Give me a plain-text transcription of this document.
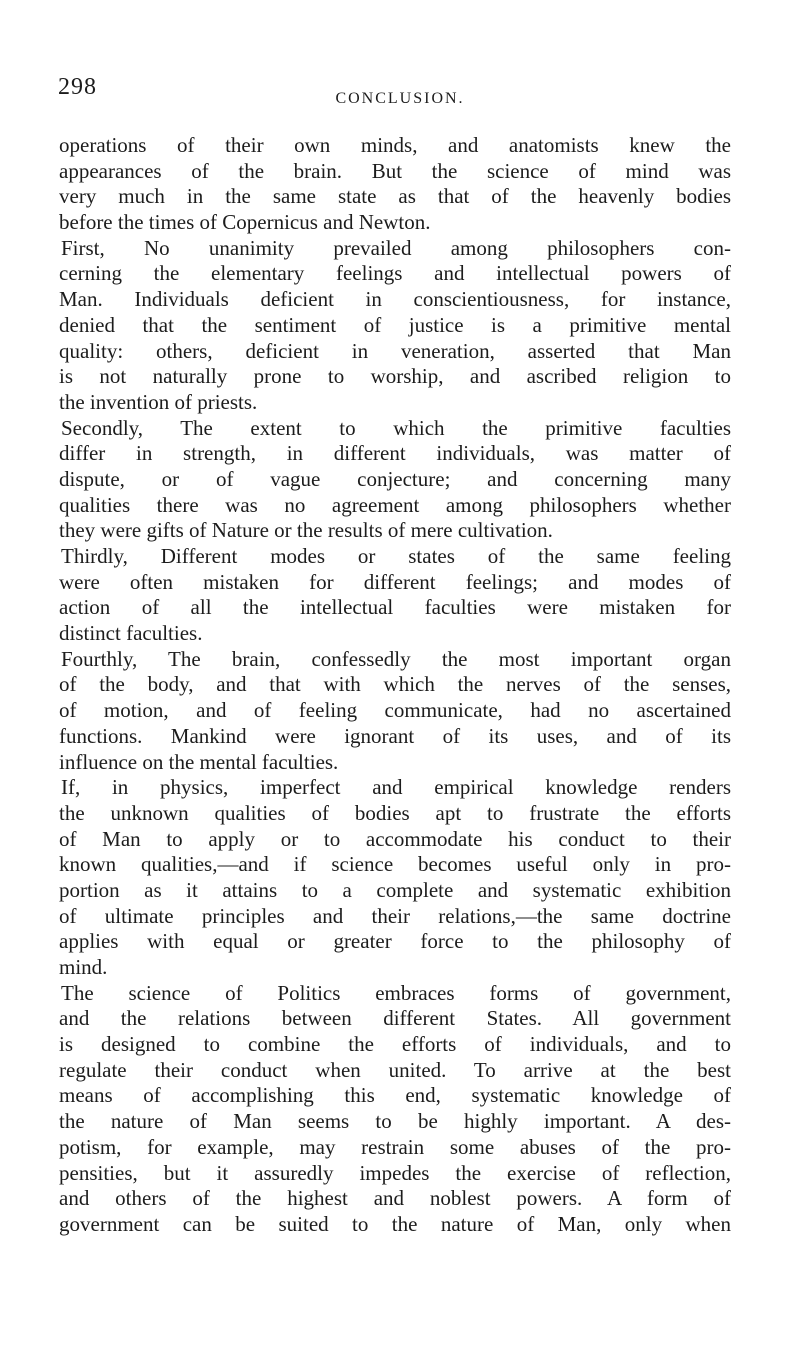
298	CONCLUSION.
operations of their own minds, and anatomists knew the
appearances of the brain. But the science of mind was
very much in the same state as that of the heavenly bodies
before the times of Copernicus and Newton.
First, No unanimity prevailed among philosophers con-
cerning the elementary feelings and intellectual powers of
Man. Individuals deficient in conscientiousness, for instance,
denied that the sentiment of justice is a primitive mental
quality: others, deficient in veneration, asserted that Man
is not naturally prone to worship, and ascribed religion to
the invention of priests.
Secondly, The extent to which the primitive faculties
differ in strength, in different individuals, was matter of
dispute, or of vague conjecture; and concerning many
qualities there was no agreement among philosophers whether
they were gifts of Nature or the results of mere cultivation.
Thirdly, Different modes or states of the same feeling
were often mistaken for different feelings; and modes of
action of all the intellectual faculties were mistaken for
distinct faculties.
Fourthly, The brain, confessedly the most important organ
of the body, and that with which the nerves of the senses,
of motion, and of feeling communicate, had no ascertained
functions. Mankind were ignorant of its uses, and of its
influence on the mental faculties.
If, in physics, imperfect and empirical knowledge renders
the unknown qualities of bodies apt to frustrate the efforts
of Man to apply or to accommodate his conduct to their
known qualities,—and if science becomes useful only in pro-
portion as it attains to a complete and systematic exhibition
of ultimate principles and their relations,—the same doctrine
applies with equal or greater force to the philosophy of
mind.
The science of Politics embraces forms of government,
and the relations between different States. All government
is designed to combine the efforts of individuals, and to
regulate their conduct when united. To arrive at the best
means of accomplishing this end, systematic knowledge of
the nature of Man seems to be highly important. A des-
potism, for example, may restrain some abuses of the pro-
pensities, but it assuredly impedes the exercise of reflection,
and others of the highest and noblest powers. A form of
government can be suited to the nature of Man, only when
